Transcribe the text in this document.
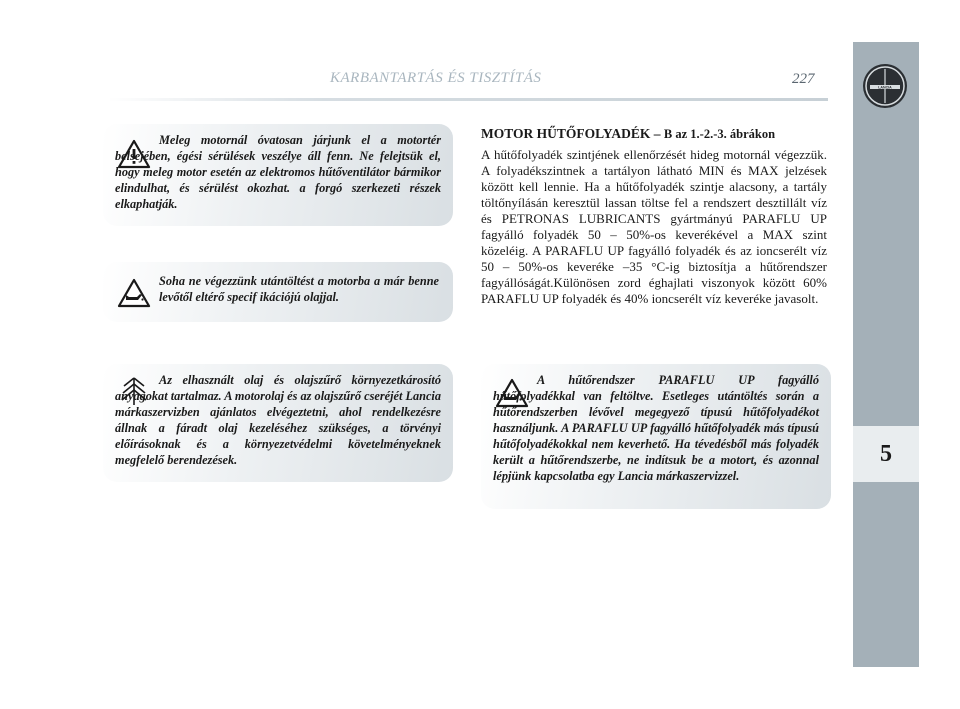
KARBANTARTÁS ÉS TISZTÍTÁS	227
5
LANCIA

Meleg motornál óvatosan járjunk el a motortér belsejében, égési sérülések veszélye áll fenn. Ne felejtsük el, hogy meleg motor esetén az elektromos hűtőventilátor bármikor elindulhat, és sérülést okozhat. a forgó szerkezeti részek elkaphatják.

Soha ne végezzünk utántöltést a motorba a már benne levőtől eltérő specif ikációjú olajjal.

Az elhasznált olaj és olajszűrő környezetkárosító anyagokat tartalmaz. A motorolaj és az olajszűrő cseréjét Lancia márkaszervizben ajánlatos elvégeztetni, ahol rendelkezésre állnak a fáradt olaj kezeléséhez szükséges, a törvényi előírásoknak és a környezetvédelmi követelményeknek megfelelő berendezések.

MOTOR HŰTŐFOLYADÉK – B az 1.-2.-3. ábrákon

A hűtőfolyadék szintjének ellenőrzését hideg motornál végezzük. A folyadékszintnek a tartályon látható MIN és MAX jelzések között kell lennie. Ha a hűtőfolyadék szintje alacsony, a tartály töltőnyílásán keresztül lassan töltse fel a rendszert desztillált víz és PETRONAS LUBRICANTS gyártmányú PARAFLU UP fagyálló folyadék 50 – 50%-os keverékével a MAX szint közeléig. A PARAFLU UP fagyálló folyadék és az ioncserélt víz 50 – 50%-os keveréke –35 °C-ig biztosítja a hűtőrendszer fagyállóságát.Különösen zord éghajlati viszonyok között 60% PARAFLU UP folyadék és 40% ioncserélt víz keveréke javasolt.

A hűtőrendszer PARAFLU UP fagyálló hűtőfolyadékkal van feltöltve. Esetleges utántöltés során a hűtőrendszerben lévővel megegyező típusú hűtőfolyadékot használjunk. A PARAFLU UP fagyálló hűtőfolyadék más típusú hűtőfolyadékokkal nem keverhető. Ha tévedésből más folyadék került a hűtőrendszerbe, ne indítsuk be a motort, és azonnal lépjünk kapcsolatba egy Lancia márkaszervizzel.
